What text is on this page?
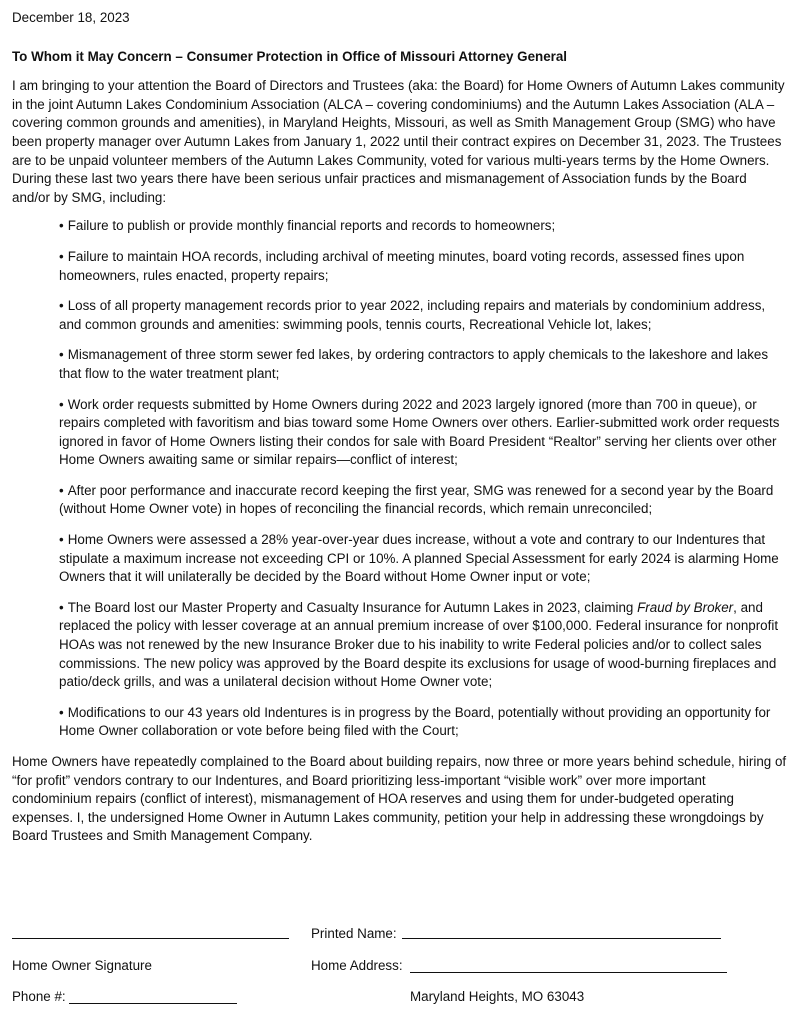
December 18, 2023

To Whom it May Concern – Consumer Protection in Office of Missouri Attorney General

I am bringing to your attention the Board of Directors and Trustees (aka: the Board) for Home Owners of Autumn Lakes community in the joint Autumn Lakes Condominium Association (ALCA – covering condominiums) and the Autumn Lakes Association (ALA – covering common grounds and amenities), in Maryland Heights, Missouri, as well as Smith Management Group (SMG) who have been property manager over Autumn Lakes from January 1, 2022 until their contract expires on December 31, 2023. The Trustees are to be unpaid volunteer members of the Autumn Lakes Community, voted for various multi-years terms by the Home Owners. During these last two years there have been serious unfair practices and mismanagement of Association funds by the Board and/or by SMG, including:

• Failure to publish or provide monthly financial reports and records to homeowners;
• Failure to maintain HOA records, including archival of meeting minutes, board voting records, assessed fines upon homeowners, rules enacted, property repairs;
• Loss of all property management records prior to year 2022, including repairs and materials by condominium address, and common grounds and amenities: swimming pools, tennis courts, Recreational Vehicle lot, lakes;
• Mismanagement of three storm sewer fed lakes, by ordering contractors to apply chemicals to the lakeshore and lakes that flow to the water treatment plant;
• Work order requests submitted by Home Owners during 2022 and 2023 largely ignored (more than 700 in queue), or repairs completed with favoritism and bias toward some Home Owners over others. Earlier-submitted work order requests ignored in favor of Home Owners listing their condos for sale with Board President “Realtor” serving her clients over other Home Owners awaiting same or similar repairs—conflict of interest;
• After poor performance and inaccurate record keeping the first year, SMG was renewed for a second year by the Board (without Home Owner vote) in hopes of reconciling the financial records, which remain unreconciled;
• Home Owners were assessed a 28% year-over-year dues increase, without a vote and contrary to our Indentures that stipulate a maximum increase not exceeding CPI or 10%. A planned Special Assessment for early 2024 is alarming Home Owners that it will unilaterally be decided by the Board without Home Owner input or vote;
• The Board lost our Master Property and Casualty Insurance for Autumn Lakes in 2023, claiming Fraud by Broker, and replaced the policy with lesser coverage at an annual premium increase of over $100,000. Federal insurance for nonprofit HOAs was not renewed by the new Insurance Broker due to his inability to write Federal policies and/or to collect sales commissions. The new policy was approved by the Board despite its exclusions for usage of wood-burning fireplaces and patio/deck grills, and was a unilateral decision without Home Owner vote;
• Modifications to our 43 years old Indentures is in progress by the Board, potentially without providing an opportunity for Home Owner collaboration or vote before being filed with the Court;

Home Owners have repeatedly complained to the Board about building repairs, now three or more years behind schedule, hiring of “for profit” vendors contrary to our Indentures, and Board prioritizing less-important “visible work” over more important condominium repairs (conflict of interest), mismanagement of HOA reserves and using them for under-budgeted operating expenses. I, the undersigned Home Owner in Autumn Lakes community, petition your help in addressing these wrongdoings by Board Trustees and Smith Management Company.

Printed Name:
Home Owner Signature	Home Address:
Phone #:	Maryland Heights, MO 63043
